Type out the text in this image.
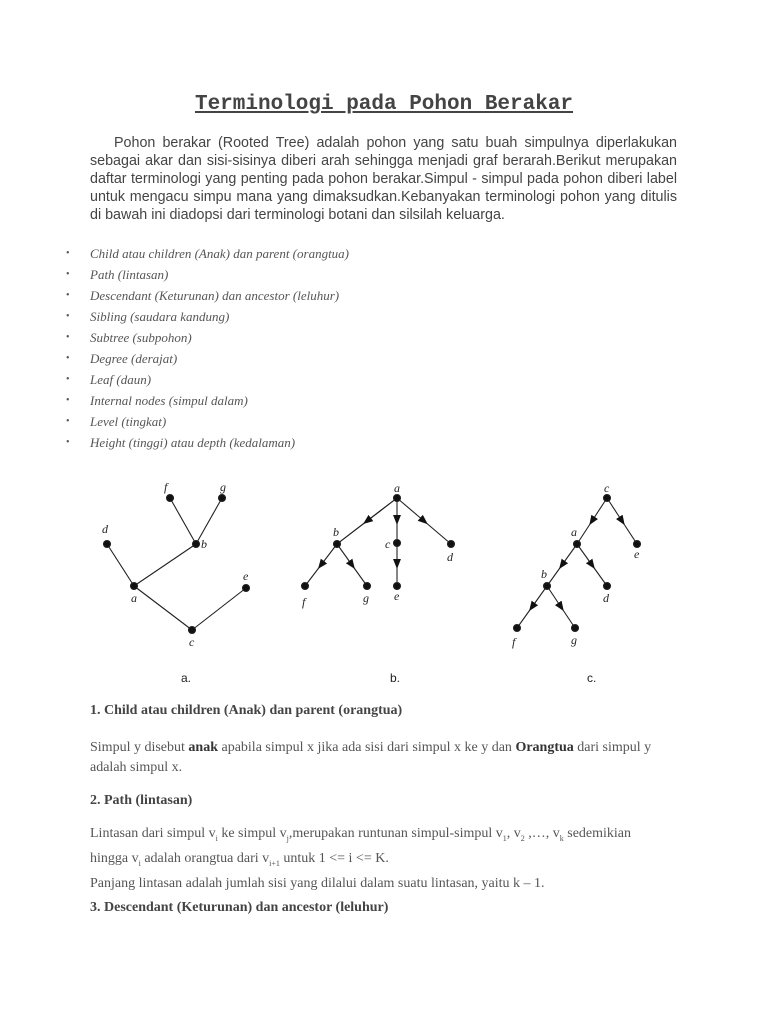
Terminologi pada Pohon Berakar

Pohon berakar (Rooted Tree) adalah pohon yang satu buah simpulnya diperlakukan sebagai akar dan sisi-sisinya diberi arah sehingga menjadi graf berarah.Berikut merupakan daftar terminologi yang penting pada pohon berakar.Simpul - simpul pada pohon diberi label untuk mengacu simpu mana yang dimaksudkan.Kebanyakan terminologi pohon yang ditulis di bawah ini diadopsi dari terminologi botani dan silsilah keluarga.

• Child atau children (Anak) dan parent (orangtua)
• Path (lintasan)
• Descendant (Keturunan) dan ancestor (leluhur)
• Sibling (saudara kandung)
• Subtree (subpohon)
• Degree (derajat)
• Leaf (daun)
• Internal nodes (simpul dalam)
• Level (tingkat)
• Height (tinggi) atau depth (kedalaman)
f	g
d
b
e
a
c
a
b
c
d
f	g e
c
a
e
b
d
f	g
a.	b.	c.
1. Child atau children (Anak) dan parent (orangtua)

Simpul y disebut anak apabila simpul x jika ada sisi dari simpul x ke y dan Orangtua dari simpul y adalah simpul x.

2. Path (lintasan)

Lintasan dari simpul $v_i$ ke simpul $v_j,merupakan$ runtunan simpul-simpul $v_1$, $v_2$ ,…, $v_k$ sedemikian
hingga $v_i$ adalah orangtua dari $v_{i+1}$ untuk 1 <= i <= K.
Panjang lintasan adalah jumlah sisi yang dilalui dalam suatu lintasan, yaitu k – 1.

3. Descendant (Keturunan) dan ancestor (leluhur)
